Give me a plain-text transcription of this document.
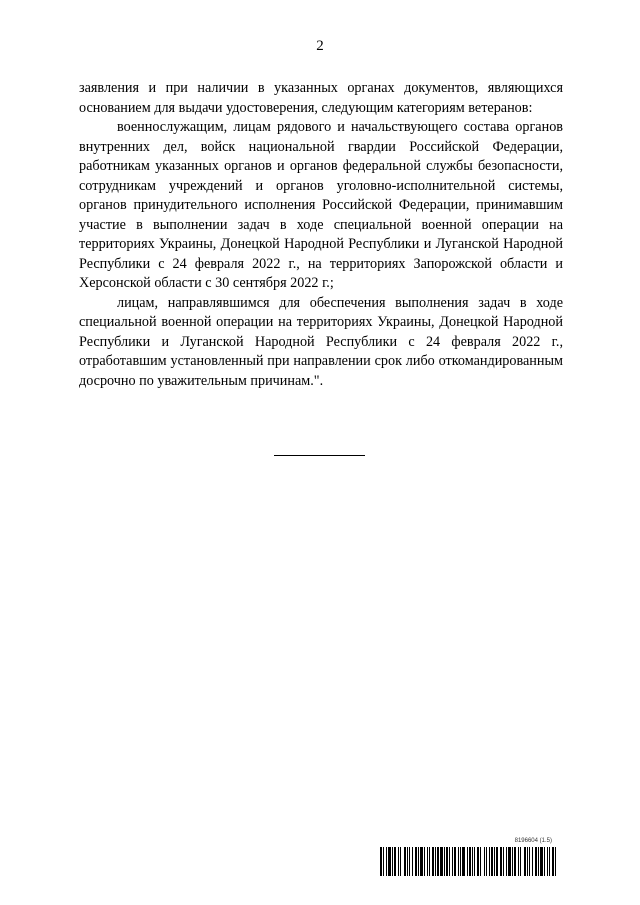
2

заявления и при наличии в указанных органах документов, являющихся основанием для выдачи удостоверения, следующим категориям ветеранов:

военнослужащим, лицам рядового и начальствующего состава органов внутренних дел, войск национальной гвардии Российской Федерации, работникам указанных органов и органов федеральной службы безопасности, сотрудникам учреждений и органов уголовно-исполнительной системы, органов принудительного исполнения Российской Федерации, принимавшим участие в выполнении задач в ходе специальной военной операции на территориях Украины, Донецкой Народной Республики и Луганской Народной Республики с 24 февраля 2022 г., на территориях Запорожской области и Херсонской области с 30 сентября 2022 г.;

лицам, направлявшимся для обеспечения выполнения задач в ходе специальной военной операции на территориях Украины, Донецкой Народной Республики и Луганской Народной Республики с 24 февраля 2022 г., отработавшим установленный при направлении срок либо откомандированным досрочно по уважительным причинам.".

8196604 (1.5)
